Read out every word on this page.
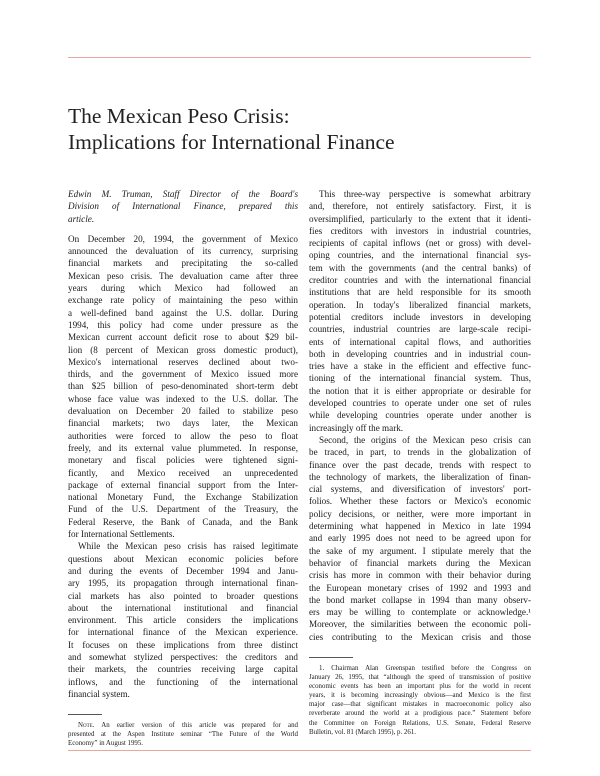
The Mexican Peso Crisis:
Implications for International Finance
Edwin M. Truman, Staff Director of the Board's
Division of International Finance, prepared this
article.
On December 20, 1994, the government of Mexico
announced the devaluation of its currency, surprising
financial markets and precipitating the so-called
Mexican peso crisis. The devaluation came after three
years during which Mexico had followed an
exchange rate policy of maintaining the peso within
a well-defined band against the U.S. dollar. During
1994, this policy had come under pressure as the
Mexican current account deficit rose to about $29 bil-
lion (8 percent of Mexican gross domestic product),
Mexico's international reserves declined about two-
thirds, and the government of Mexico issued more
than $25 billion of peso-denominated short-term debt
whose face value was indexed to the U.S. dollar. The
devaluation on December 20 failed to stabilize peso
financial markets; two days later, the Mexican
authorities were forced to allow the peso to float
freely, and its external value plummeted. In response,
monetary and fiscal policies were tightened signi-
ficantly, and Mexico received an unprecedented
package of external financial support from the Inter-
national Monetary Fund, the Exchange Stabilization
Fund of the U.S. Department of the Treasury, the
Federal Reserve, the Bank of Canada, and the Bank
for International Settlements.
While the Mexican peso crisis has raised legitimate
questions about Mexican economic policies before
and during the events of December 1994 and Janu-
ary 1995, its propagation through international finan-
cial markets has also pointed to broader questions
about the international institutional and financial
environment. This article considers the implications
for international finance of the Mexican experience.
It focuses on these implications from three distinct
and somewhat stylized perspectives: the creditors and
their markets, the countries receiving large capital
inflows, and the functioning of the international
financial system.
Note. An earlier version of this article was prepared for and
presented at the Aspen Institute seminar “The Future of the World
Economy” in August 1995.
This three-way perspective is somewhat arbitrary
and, therefore, not entirely satisfactory. First, it is
oversimplified, particularly to the extent that it identi-
fies creditors with investors in industrial countries,
recipients of capital inflows (net or gross) with devel-
oping countries, and the international financial sys-
tem with the governments (and the central banks) of
creditor countries and with the international financial
institutions that are held responsible for its smooth
operation. In today's liberalized financial markets,
potential creditors include investors in developing
countries, industrial countries are large-scale recipi-
ents of international capital flows, and authorities
both in developing countries and in industrial coun-
tries have a stake in the efficient and effective func-
tioning of the international financial system. Thus,
the notion that it is either appropriate or desirable for
developed countries to operate under one set of rules
while developing countries operate under another is
increasingly off the mark.
Second, the origins of the Mexican peso crisis can
be traced, in part, to trends in the globalization of
finance over the past decade, trends with respect to
the technology of markets, the liberalization of finan-
cial systems, and diversification of investors' port-
folios. Whether these factors or Mexico's economic
policy decisions, or neither, were more important in
determining what happened in Mexico in late 1994
and early 1995 does not need to be agreed upon for
the sake of my argument. I stipulate merely that the
behavior of financial markets during the Mexican
crisis has more in common with their behavior during
the European monetary crises of 1992 and 1993 and
the bond market collapse in 1994 than many observ-
ers may be willing to contemplate or acknowledge.¹
Moreover, the similarities between the economic poli-
cies contributing to the Mexican crisis and those
1. Chairman Alan Greenspan testified before the Congress on
January 26, 1995, that “although the speed of transmission of positive
economic events has been an important plus for the world in recent
years, it is becoming increasingly obvious—and Mexico is the first
major case—that significant mistakes in macroeconomic policy also
reverberate around the world at a prodigious pace.” Statement before
the Committee on Foreign Relations, U.S. Senate, Federal Reserve
Bulletin, vol. 81 (March 1995), p. 261.
